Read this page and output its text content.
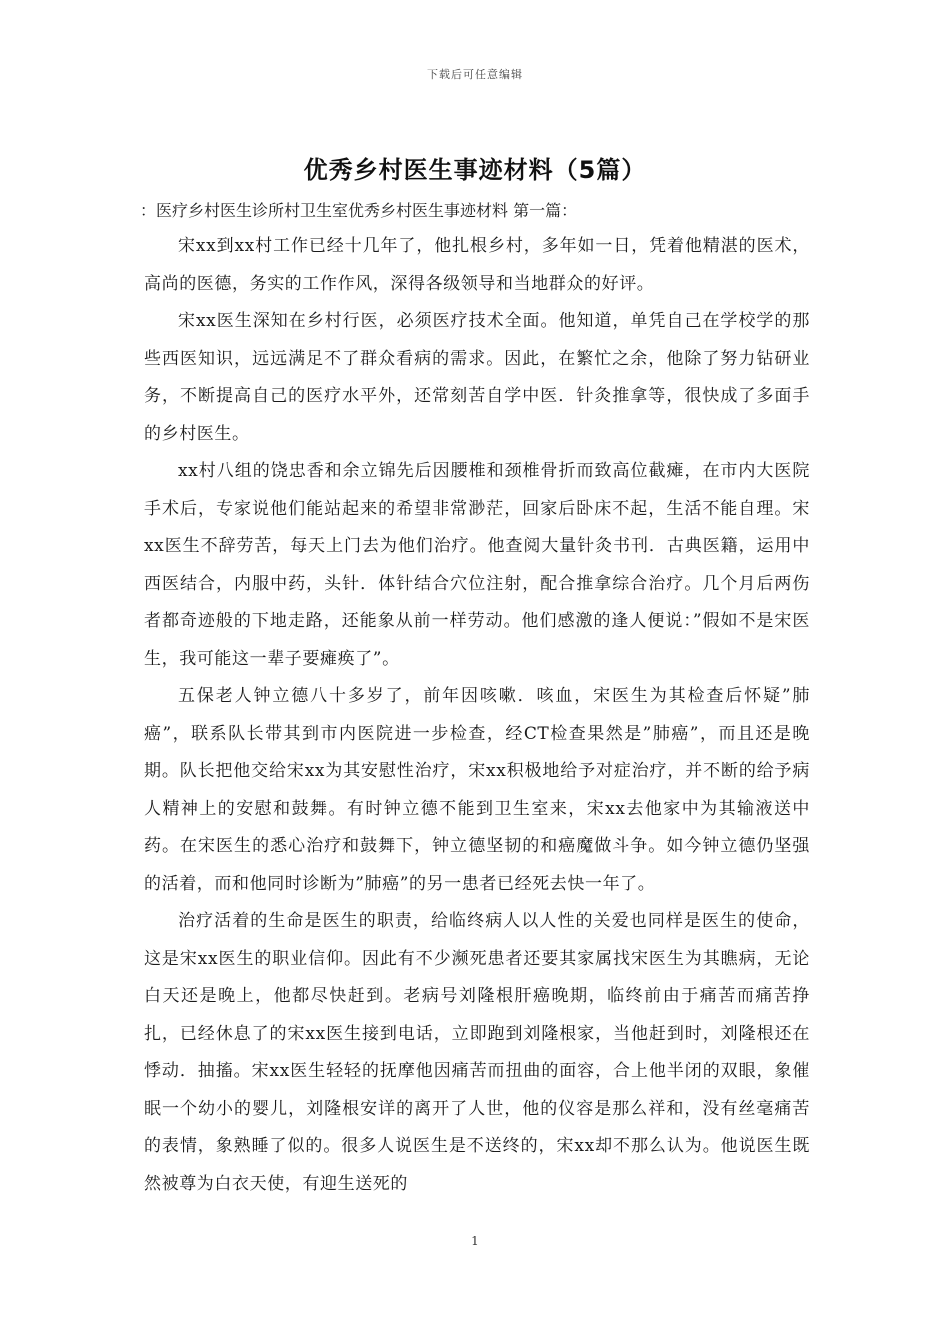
下载后可任意编辑
优秀乡村医生事迹材料（5篇）
：医疗乡村医生诊所村卫生室优秀乡村医生事迹材料 第一篇：

宋xx到xx村工作已经十几年了，他扎根乡村，多年如一日，凭着他精湛的医术，高尚的医德，务实的工作作风，深得各级领导和当地群众的好评。

宋xx医生深知在乡村行医，必须医疗技术全面。他知道，单凭自己在学校学的那些西医知识，远远满足不了群众看病的需求。因此，在繁忙之余，他除了努力钻研业务，不断提高自己的医疗水平外，还常刻苦自学中医．针灸推拿等，很快成了多面手的乡村医生。

xx村八组的饶忠香和余立锦先后因腰椎和颈椎骨折而致高位截瘫，在市内大医院手术后，专家说他们能站起来的希望非常渺茫，回家后卧床不起，生活不能自理。宋xx医生不辞劳苦，每天上门去为他们治疗。他查阅大量针灸书刊．古典医籍，运用中西医结合，内服中药，头针．体针结合穴位注射，配合推拿综合治疗。几个月后两伤者都奇迹般的下地走路，还能象从前一样劳动。他们感激的逢人便说：”假如不是宋医生，我可能这一辈子要瘫痪了”。

五保老人钟立德八十多岁了，前年因咳嗽．咳血，宋医生为其检查后怀疑”肺癌”，联系队长带其到市内医院进一步检查，经CT检查果然是”肺癌”，而且还是晚期。队长把他交给宋xx为其安慰性治疗，宋xx积极地给予对症治疗，并不断的给予病人精神上的安慰和鼓舞。有时钟立德不能到卫生室来，宋xx去他家中为其输液送中药。在宋医生的悉心治疗和鼓舞下，钟立德坚韧的和癌魔做斗争。如今钟立德仍坚强的活着，而和他同时诊断为”肺癌”的另一患者已经死去快一年了。

治疗活着的生命是医生的职责，给临终病人以人性的关爱也同样是医生的使命，这是宋xx医生的职业信仰。因此有不少濒死患者还要其家属找宋医生为其瞧病，无论白天还是晚上，他都尽快赶到。老病号刘隆根肝癌晚期，临终前由于痛苦而痛苦挣扎，已经休息了的宋xx医生接到电话，立即跑到刘隆根家，当他赶到时，刘隆根还在悸动．抽搐。宋xx医生轻轻的抚摩他因痛苦而扭曲的面容，合上他半闭的双眼，象催眠一个幼小的婴儿，刘隆根安详的离开了人世，他的仪容是那么祥和，没有丝毫痛苦的表情，象熟睡了似的。很多人说医生是不送终的，宋xx却不那么认为。他说医生既然被尊为白衣天使，有迎生送死的

1
